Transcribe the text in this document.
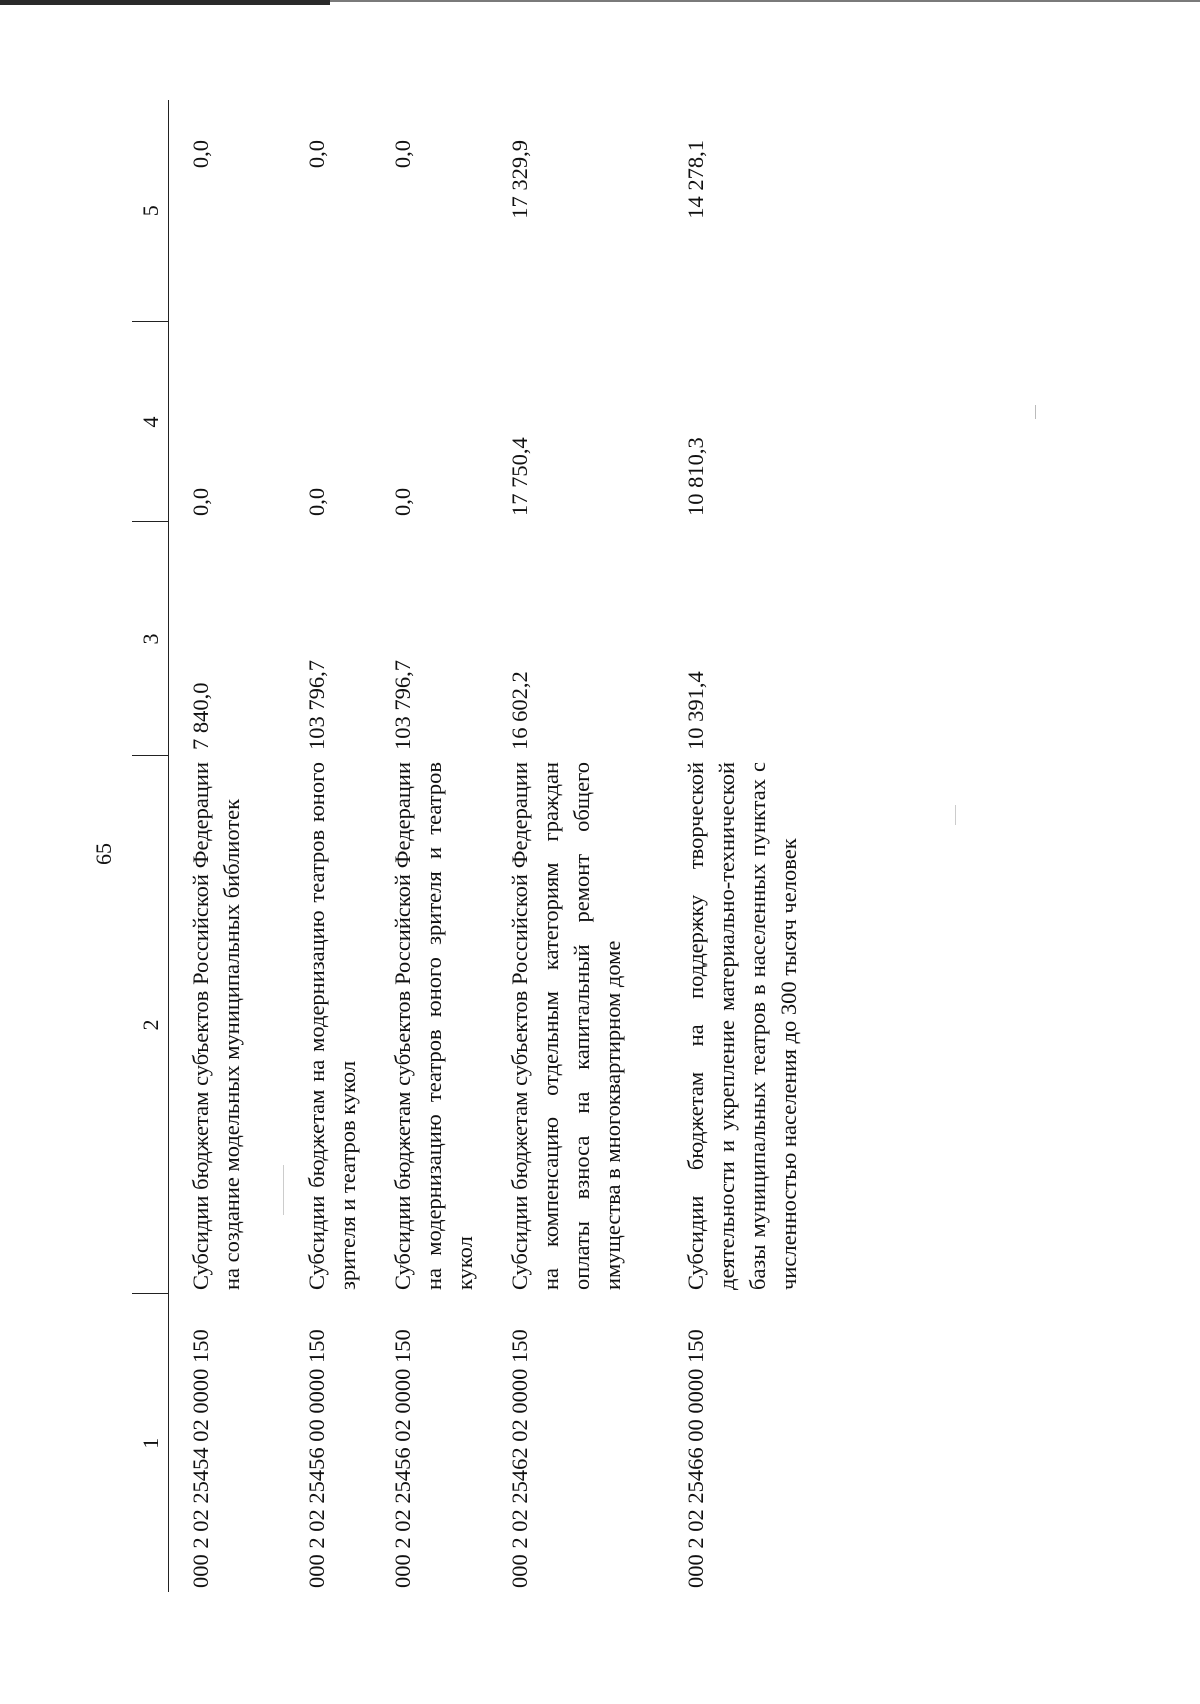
65
1	2	3	4	5
000 2 02 25454 02 0000 150	Субсидии бюджетам субъектов Российской Федерации на создание модельных муниципальных библиотек	7 840,0	0,0	0,0
000 2 02 25456 00 0000 150	Субсидии бюджетам на модернизацию театров юного зрителя и театров кукол	103 796,7	0,0	0,0
000 2 02 25456 02 0000 150	Субсидии бюджетам субъектов Российской Федерации на модернизацию театров юного зрителя и театров кукол	103 796,7	0,0	0,0
000 2 02 25462 02 0000 150	Субсидии бюджетам субъектов Российской Федерации на компенсацию отдельным категориям граждан оплаты взноса на капитальный ремонт общего имущества в многоквартирном доме	16 602,2	17 750,4	17 329,9
000 2 02 25466 00 0000 150	Субсидии бюджетам на поддержку творческой деятельности и укрепление материально-технической базы муниципальных театров в населенных пунктах с численностью населения до 300 тысяч человек	10 391,4	10 810,3	14 278,1
